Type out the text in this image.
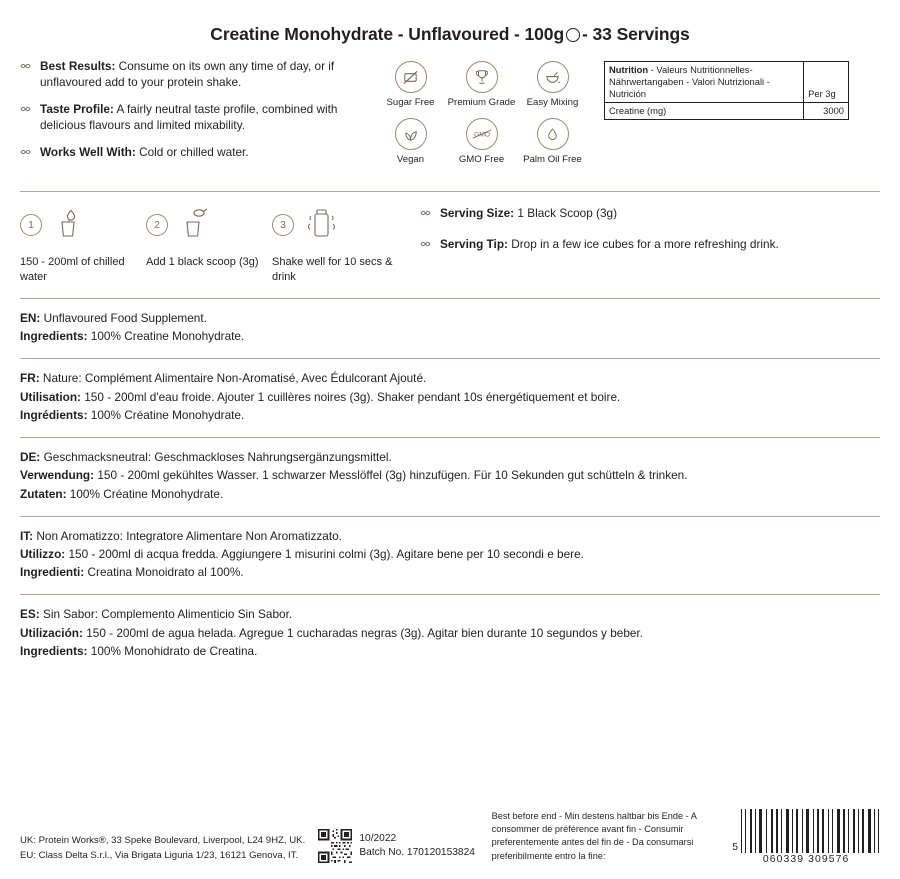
Creatine Monohydrate - Unflavoured - 100g - 33 Servings
Best Results: Consume on its own any time of day, or if unflavoured add to your protein shake.
Taste Profile: A fairly neutral taste profile, combined with delicious flavours and limited mixability.
Works Well With: Cold or chilled water.
Sugar Free	Premium Grade	Easy Mixing
Vegan
GMO
GMO Free	Palm Oil Free
Nutrition - Valeurs Nutritionnelles- Nährwertangaben - Valori Nutrizionali - Nutrición	Per 3g
Creatine (mg)	3000
1
150 - 200ml of chilled water
2
Add 1 black scoop (3g)
3
Shake well for 10 secs & drink
Serving Size: 1 Black Scoop (3g)
Serving Tip: Drop in a few ice cubes for a more refreshing drink.

EN: Unflavoured Food Supplement.

Ingredients: 100% Creatine Monohydrate.

FR: Nature: Complément Alimentaire Non-Aromatisé, Avec Édulcorant Ajouté.

Utilisation: 150 - 200ml d'eau froide. Ajouter 1 cuillères noires (3g). Shaker pendant 10s énergétiquement et boire.

Ingrédients: 100% Créatine Monohydrate.

DE: Geschmacksneutral: Geschmackloses Nahrungsergänzungsmittel.

Verwendung: 150 - 200ml gekühltes Wasser. 1 schwarzer Messlöffel (3g) hinzufügen. Für 10 Sekunden gut schütteln & trinken.

Zutaten: 100% Créatine Monohydrate.

IT: Non Aromatizzo: Integratore Alimentare Non Aromatizzato.

Utilizzo: 150 - 200ml di acqua fredda. Aggiungere 1 misurini colmi (3g). Agitare bene per 10 secondi e bere.

Ingredienti: Creatina Monoidrato al 100%.

ES: Sin Sabor: Complemento Alimenticio Sin Sabor.

Utilización: 150 - 200ml de agua helada. Agregue 1 cucharadas negras (3g). Agitar bien durante 10 segundos y beber.

Ingredients: 100% Monohidrato de Creatina.

UK: Protein Works®, 33 Speke Boulevard, Liverpool, L24 9HZ, UK.
EU: Class Delta S.r.l., Via Brigata Liguria 1/23, 16121 Genova, IT.
10/2022
Batch No. 170120153824
Best before end - Min destens haltbar bis Ende - A consommer de préférence avant fin - Consumir preferentemente antes del fin de - Da consumarsi preferibilmente entro la fine:
5
060339 309576
